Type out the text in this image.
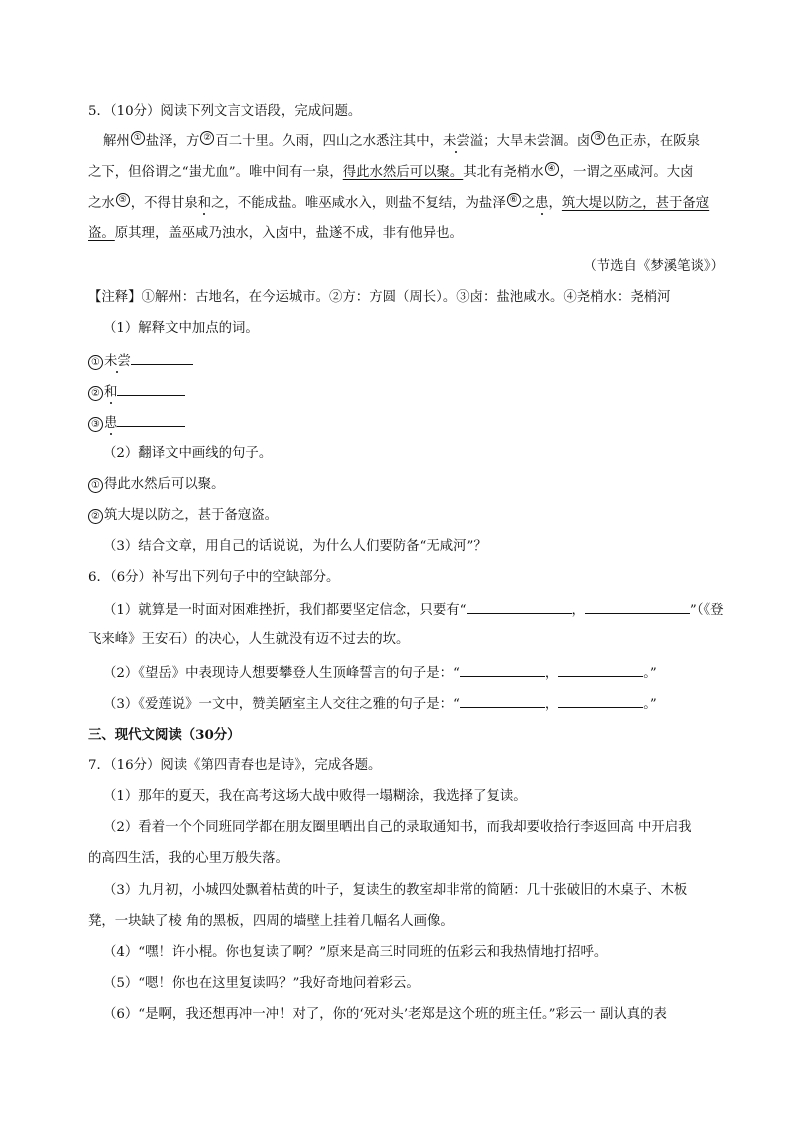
5．（10分）阅读下列文言文语段，完成问题。
解州 ① 盐泽，方 ② 百二十里。久雨，四山之水悉注其中，未尝溢；大旱未尝涸。卤 ③ 色正赤，在阪泉
之下，但俗谓之“蚩尤血”。唯中间有一泉，得此水然后可以聚。其北有尧梢水 ④ ，一谓之巫咸河。大卤
之水 ⑤ ，不得甘泉和之，不能成盐。唯巫咸水入，则盐不复结，为盐泽 ⑥ 之患，筑大堤以防之，甚于备寇
盗。原其理，盖巫咸乃浊水，入卤中，盐遂不成，非有他异也。
（节选自《梦溪笔谈》）
【注释】①解州：古地名，在今运城市。②方：方圆（周长）。③卤：盐池咸水。④尧梢水：尧梢河
（1）解释文中加点的词。
① 未尝
② 和
③ 患
（2）翻译文中画线的句子。
① 得此水然后可以聚。
② 筑大堤以防之，甚于备寇盗。
（3）结合文章，用自己的话说说，为什么人们要防备“无咸河”？
6．（6分）补写出下列句子中的空缺部分。
（1）就算是一时面对困难挫折，我们都要坚定信念，只要有“	，	”（《登
飞来峰》王安石）的决心，人生就没有迈不过去的坎。
（2）《望岳》中表现诗人想要攀登人生顶峰誓言的句子是：“	，	。”
（3）《爱莲说》一文中，赞美陋室主人交往之雅的句子是：“	，	。”
三、现代文阅读（30分）
7．（16分）阅读《第四青春也是诗》，完成各题。
（1）那年的夏天，我在高考这场大战中败得一塌糊涂，我选择了复读。
（2）看着一个个同班同学都在朋友圈里晒出自己的录取通知书，而我却要收拾行李返回高 中开启我
的高四生活，我的心里万般失落。
（3）九月初，小城四处飘着枯黄的叶子，复读生的教室却非常的简陋：几十张破旧的木桌子、木板
凳，一块缺了棱 角的黑板，四周的墙壁上挂着几幅名人画像。
（4）“嘿！许小棍。你也复读了啊？”原来是高三时同班的伍彩云和我热情地打招呼。
（5）“嗯！你也在这里复读吗？”我好奇地问着彩云。
（6）“是啊，我还想再冲一冲！对了，你的‘死对头’老郑是这个班的班主任。”彩云一 副认真的表
